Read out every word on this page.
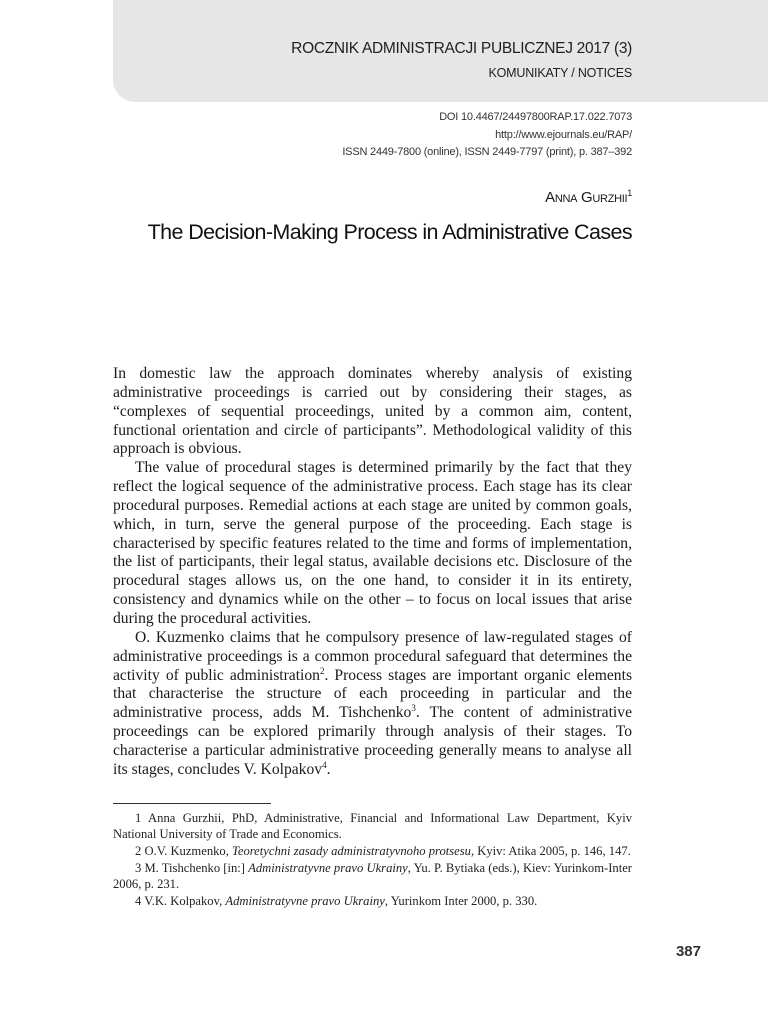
ROCZNIK ADMINISTRACJI PUBLICZNEJ 2017 (3)
KOMUNIKATY / NOTICES
DOI 10.4467/24497800RAP.17.022.7073
http://www.ejournals.eu/RAP/
ISSN 2449-7800 (online), ISSN 2449-7797 (print), p. 387–392
Anna Gurzhii$^1$
The Decision-Making Process in Administrative Cases

In domestic law the approach dominates whereby analysis of existing administrative proceedings is carried out by considering their stages, as “complexes of sequential proceedings, united by a common aim, content, functional orientation and circle of participants”. Methodological validity of this approach is obvious.

The value of procedural stages is determined primarily by the fact that they reflect the logical sequence of the administrative process. Each stage has its clear procedural purposes. Remedial actions at each stage are united by common goals, which, in turn, serve the general purpose of the proceeding. Each stage is characterised by specific features related to the time and forms of implementation, the list of participants, their legal status, available decisions etc. Disclosure of the procedural stages allows us, on the one hand, to consider it in its entirety, consistency and dynamics while on the other – to focus on local issues that arise during the procedural activities.

O. Kuzmenko claims that he compulsory presence of law-regulated stages of administrative proceedings is a common procedural safeguard that determines the activity of public administration$^2$. Process stages are important organic elements that characterise the structure of each proceeding in particular and the administrative process, adds M. Tishchenko$^3$. The content of administrative proceedings can be explored primarily through analysis of their stages. To characterise a particular administrative proceeding generally means to analyse all its stages, concludes V. Kolpakov$^4$.

1 Anna Gurzhii, PhD, Administrative, Financial and Informational Law Department, Kyiv National University of Trade and Economics.

2 O.V. Kuzmenko, Teoretychni zasady administratyvnoho protsesu, Kyiv: Atika 2005, p. 146, 147.

3 M. Tishchenko [in:] Administratyvne pravo Ukrainy, Yu. P. Bytiaka (eds.), Kiev: Yurinkom-Inter 2006, p. 231.

4 V.K. Kolpakov, Administratyvne pravo Ukrainy, Yurinkom Inter 2000, p. 330.

387
